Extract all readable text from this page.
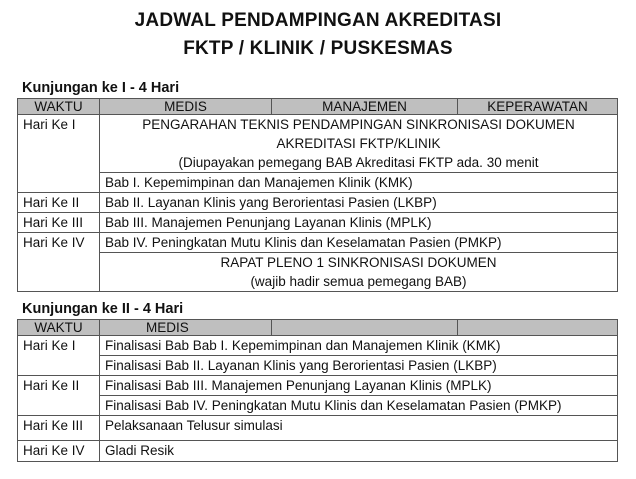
JADWAL PENDAMPINGAN AKREDITASI
FKTP / KLINIK / PUSKESMAS
Kunjungan ke I - 4 Hari
WAKTU	MEDIS	MANAJEMEN	KEPERAWATAN
Hari Ke I	PENGARAHAN TEKNIS PENDAMPINGAN SINKRONISASI DOKUMEN
AKREDITASI FKTP/KLINIK
(Diupayakan pemegang BAB Akreditasi FKTP ada. 30 menit		

	Bab I. Kepemimpinan dan Manajemen Klinik (KMK)		
Hari Ke II	Bab II. Layanan Klinis yang Berorientasi Pasien (LKBP)		
Hari Ke III	Bab III. Manajemen Penunjang Layanan Klinis (MPLK)		
Hari Ke IV	Bab IV. Peningkatan Mutu Klinis dan Keselamatan Pasien (PMKP)		

	RAPAT PLENO 1 SINKRONISASI DOKUMEN
(wajib hadir semua pemegang BAB)		
Kunjungan ke II - 4 Hari
WAKTU	MEDIS		
Hari Ke I	Finalisasi Bab Bab I. Kepemimpinan dan Manajemen Klinik (KMK)		
	Finalisasi Bab II. Layanan Klinis yang Berorientasi Pasien (LKBP)		
Hari Ke II	Finalisasi Bab III. Manajemen Penunjang Layanan Klinis (MPLK)		
	Finalisasi Bab IV. Peningkatan Mutu Klinis dan Keselamatan Pasien (PMKP)		
Hari Ke III	Pelaksanaan Telusur simulasi		
Hari Ke IV	Gladi Resik		
